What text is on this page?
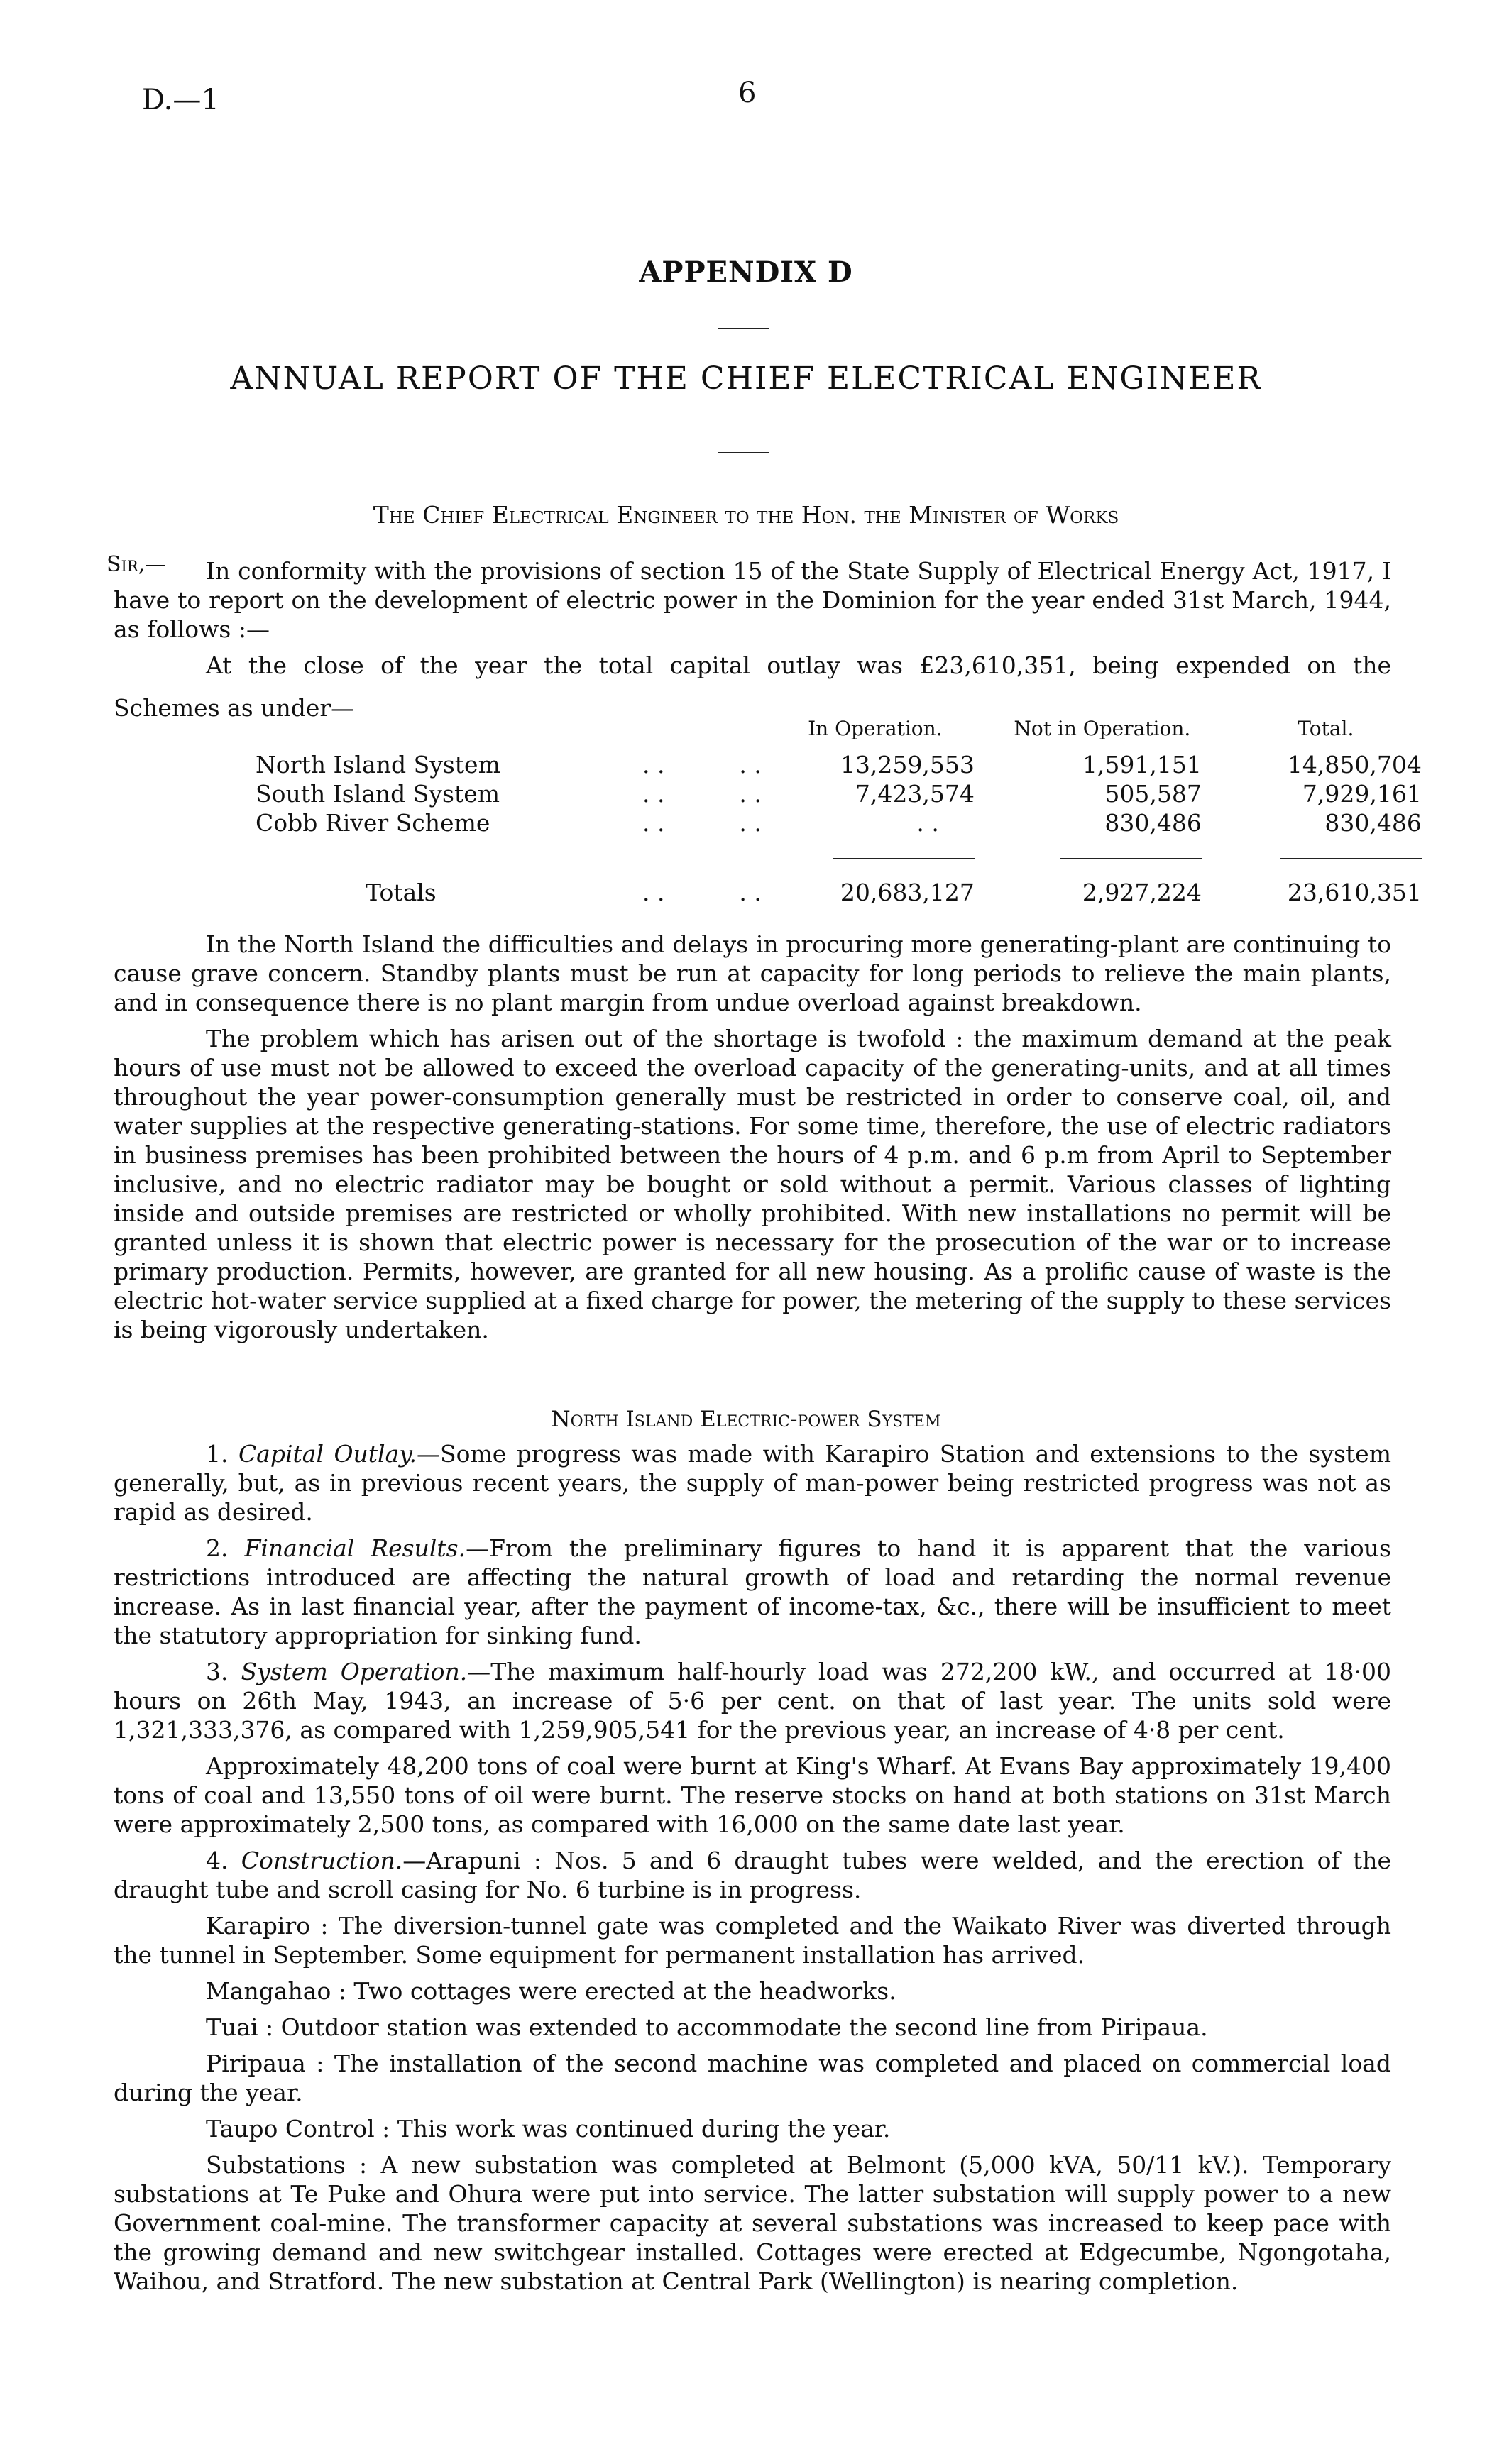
D.—1	6
APPENDIX D
ANNUAL REPORT OF THE CHIEF ELECTRICAL ENGINEER
The Chief Electrical Engineer to the Hon. the Minister of Works
Sir,—	In conformity with the provisions of section 15 of the State Supply of Electrical Energy Act, 1917, I have to report on the development of electric power in the Dominion for the year ended 31st March, 1944, as follows :—

At the close of the year the total capital outlay was £23,610,351, being expended on the

Schemes as under—
		In Operation.	Not in Operation.	Total.
North Island System	. .          . .	13,259,553	1,591,151	14,850,704
South Island System	. .          . .	7,423,574	505,587	7,929,161
Cobb River Scheme	. .          . .	. .	830,486	830,486

Totals	. .          . .	20,683,127	2,927,224	23,610,351

In the North Island the difficulties and delays in procuring more generating-plant are continuing to cause grave concern. Standby plants must be run at capacity for long periods to relieve the main plants, and in consequence there is no plant margin from undue overload against breakdown.

The problem which has arisen out of the shortage is twofold : the maximum demand at the peak hours of use must not be allowed to exceed the overload capacity of the generating-units, and at all times throughout the year power-consumption generally must be restricted in order to conserve coal, oil, and water supplies at the respective generating-stations. For some time, therefore, the use of electric radiators in business premises has been prohibited between the hours of 4 p.m. and 6 p.m from April to September inclusive, and no electric radiator may be bought or sold without a permit. Various classes of lighting inside and outside premises are restricted or wholly prohibited. With new installations no permit will be granted unless it is shown that electric power is necessary for the prosecution of the war or to increase primary production. Permits, however, are granted for all new housing. As a prolific cause of waste is the electric hot-water service supplied at a fixed charge for power, the metering of the supply to these services is being vigorously undertaken.

North Island Electric-power System

1. Capital Outlay.—Some progress was made with Karapiro Station and extensions to the system generally, but, as in previous recent years, the supply of man-power being restricted progress was not as rapid as desired.

2. Financial Results.—From the preliminary figures to hand it is apparent that the various restrictions introduced are affecting the natural growth of load and retarding the normal revenue increase. As in last financial year, after the payment of income-tax, &c., there will be insufficient to meet the statutory appropriation for sinking fund.

3. System Operation.—The maximum half-hourly load was 272,200 kW., and occurred at 18·00 hours on 26th May, 1943, an increase of 5·6 per cent. on that of last year. The units sold were 1,321,333,376, as compared with 1,259,905,541 for the previous year, an increase of 4·8 per cent.

Approximately 48,200 tons of coal were burnt at King's Wharf. At Evans Bay approximately 19,400 tons of coal and 13,550 tons of oil were burnt. The reserve stocks on hand at both stations on 31st March were approximately 2,500 tons, as compared with 16,000 on the same date last year.

4. Construction.—Arapuni : Nos. 5 and 6 draught tubes were welded, and the erection of the draught tube and scroll casing for No. 6 turbine is in progress.

Karapiro : The diversion-tunnel gate was completed and the Waikato River was diverted through the tunnel in September. Some equipment for permanent installation has arrived.

Mangahao : Two cottages were erected at the headworks.

Tuai : Outdoor station was extended to accommodate the second line from Piripaua.

Piripaua : The installation of the second machine was completed and placed on commercial load during the year.

Taupo Control : This work was continued during the year.

Substations : A new substation was completed at Belmont (5,000 kVA, 50/11 kV.). Temporary substations at Te Puke and Ohura were put into service. The latter substation will supply power to a new Government coal-mine. The transformer capacity at several substations was increased to keep pace with the growing demand and new switchgear installed. Cottages were erected at Edgecumbe, Ngongotaha, Waihou, and Stratford. The new substation at Central Park (Wellington) is nearing completion.
